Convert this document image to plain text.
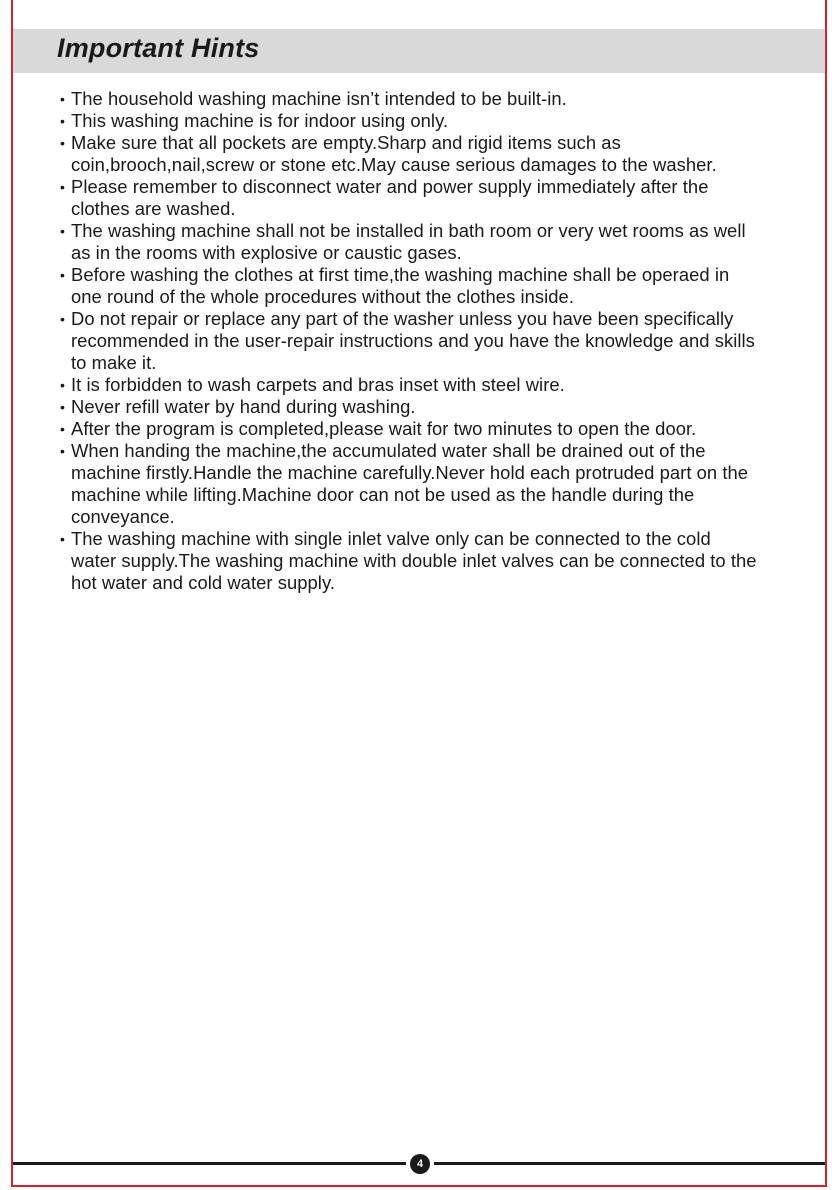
Important Hints
• The household washing machine isn’t intended to be built-in.
• This washing machine is for indoor using only.
• Make sure that all pockets are empty.Sharp and rigid items such as coin,brooch,nail,screw or stone etc.May cause serious damages to the washer.
• Please remember to disconnect water and power supply immediately after the clothes are washed.
• The washing machine shall not be installed in bath room or very wet rooms as well as in the rooms with explosive or caustic gases.
• Before washing the clothes at first time,the washing machine shall be operaed in one round of the whole procedures without the clothes inside.
• Do not repair or replace any part of the washer unless you have been specifically recommended in the user-repair instructions and you have the knowledge and skills to make it.
• It is forbidden to wash carpets and bras inset with steel wire.
• Never refill water by hand during washing.
• After the program is completed,please wait for two minutes to open the door.
• When handing the machine,the accumulated water shall be drained out of the machine firstly.Handle the machine carefully.Never hold each protruded part on the machine while lifting.Machine door can not be used as the handle during the conveyance.
• The washing machine with single inlet valve only can be connected to the cold water supply.The washing machine with double inlet valves can be connected to the hot water and cold water supply.
4
